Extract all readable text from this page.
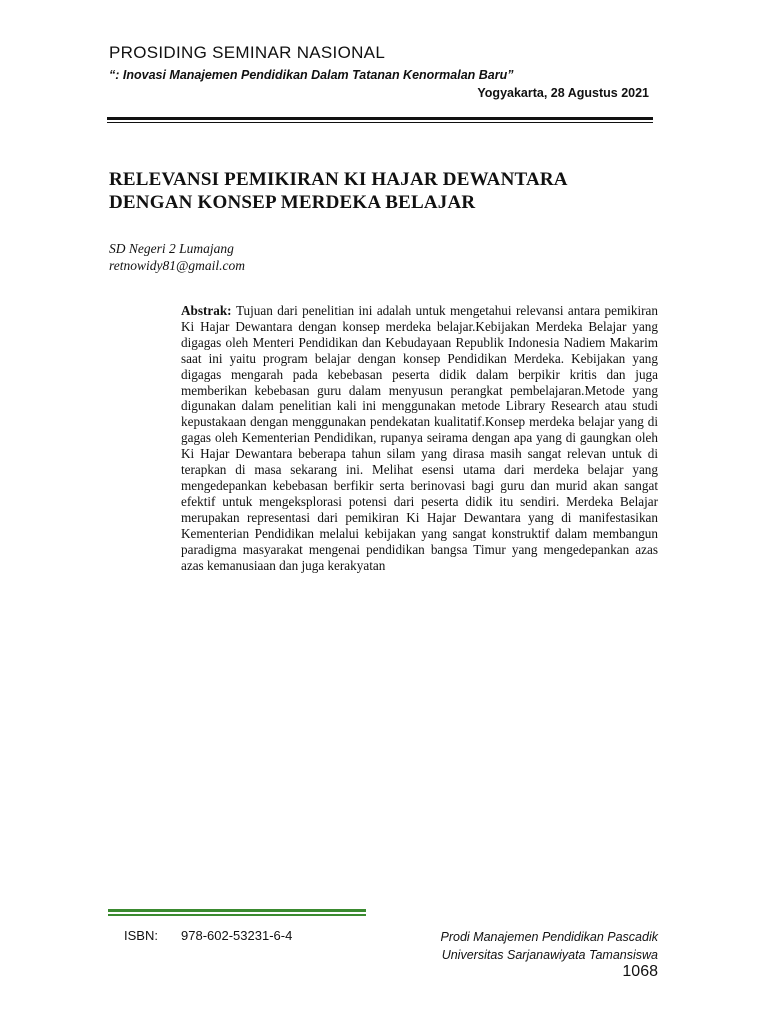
PROSIDING SEMINAR NASIONAL
“: Inovasi Manajemen Pendidikan Dalam Tatanan Kenormalan Baru”
Yogyakarta, 28 Agustus 2021
RELEVANSI PEMIKIRAN KI HAJAR DEWANTARA
DENGAN KONSEP MERDEKA BELAJAR
SD Negeri 2 Lumajang
retnowidy81@gmail.com
Abstrak: Tujuan dari penelitian ini adalah untuk mengetahui relevansi antara pemikiran Ki Hajar Dewantara dengan konsep merdeka belajar.Kebijakan Merdeka Belajar yang digagas oleh Menteri Pendidikan dan Kebudayaan Republik Indonesia Nadiem Makarim saat ini yaitu program belajar dengan konsep Pendidikan Merdeka. Kebijakan yang digagas mengarah pada kebebasan peserta didik dalam berpikir kritis dan juga memberikan kebebasan guru dalam menyusun perangkat pembelajaran.Metode yang digunakan dalam penelitian kali ini menggunakan metode Library Research atau studi kepustakaan dengan menggunakan pendekatan kualitatif.Konsep merdeka belajar yang di gagas oleh Kementerian Pendidikan, rupanya seirama dengan apa yang di gaungkan oleh Ki Hajar Dewantara beberapa tahun silam yang dirasa masih sangat relevan untuk di terapkan di masa sekarang ini. Melihat esensi utama dari merdeka belajar yang mengedepankan kebebasan berfikir serta berinovasi bagi guru dan murid akan sangat efektif untuk mengeksplorasi potensi dari peserta didik itu sendiri. Merdeka Belajar merupakan representasi dari pemikiran Ki Hajar Dewantara yang di manifestasikan Kementerian Pendidikan melalui kebijakan yang sangat konstruktif dalam membangun paradigma masyarakat mengenai pendidikan bangsa Timur yang mengedepankan azas azas kemanusiaan dan juga kerakyatan
ISBN: 978-602-53231-6-4	Prodi Manajemen Pendidikan Pascadik
Universitas Sarjanawiyata Tamansiswa
1068
